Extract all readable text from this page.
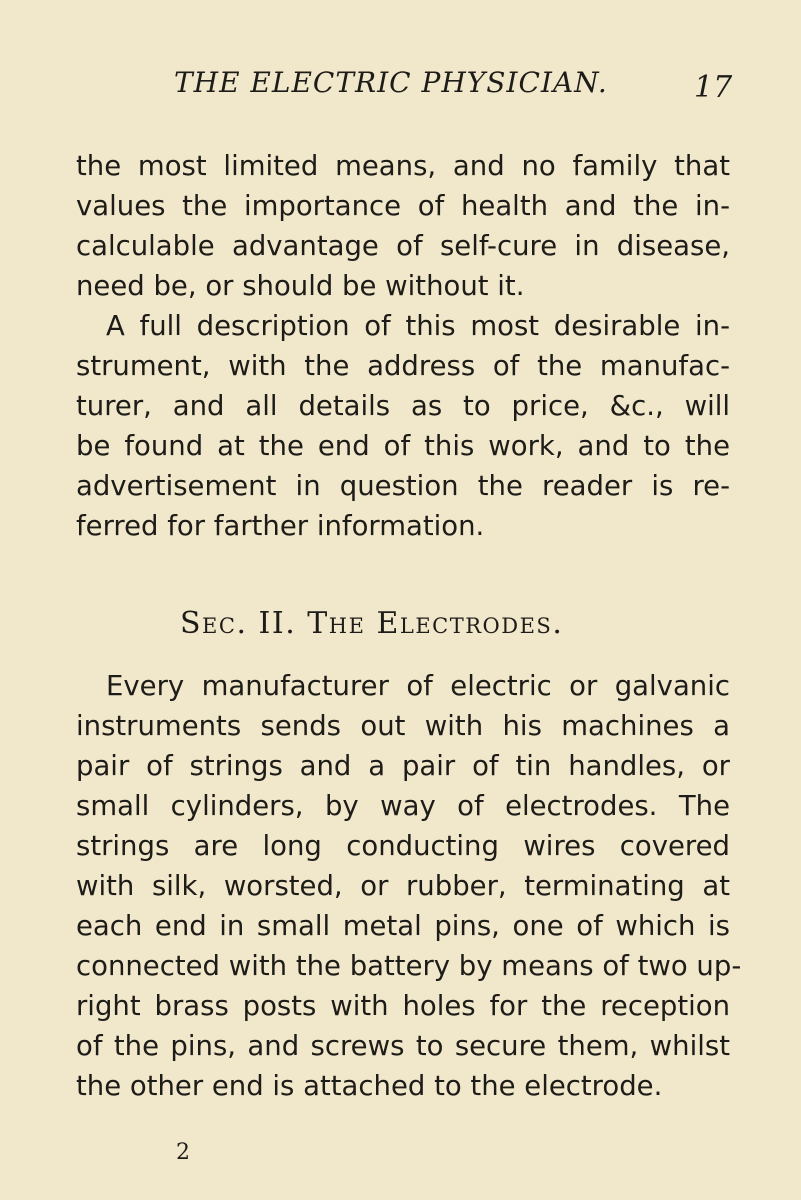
THE ELECTRIC PHYSICIAN.	17
the most limited means, and no family that
values the importance of health and the in-
calculable advantage of self-cure in disease,
need be, or should be without it.
A full description of this most desirable in-
strument, with the address of the manufac-
turer, and all details as to price, &c., will
be found at the end of this work, and to the
advertisement in question the reader is re-
ferred for farther information.
Sec. II. The Electrodes.
Every manufacturer of electric or galvanic
instruments sends out with his machines a
pair of strings and a pair of tin handles, or
small cylinders, by way of electrodes. The
strings are long conducting wires covered
with silk, worsted, or rubber, terminating at
each end in small metal pins, one of which is
connected with the battery by means of two up-
right brass posts with holes for the reception
of the pins, and screws to secure them, whilst
the other end is attached to the electrode.
2
